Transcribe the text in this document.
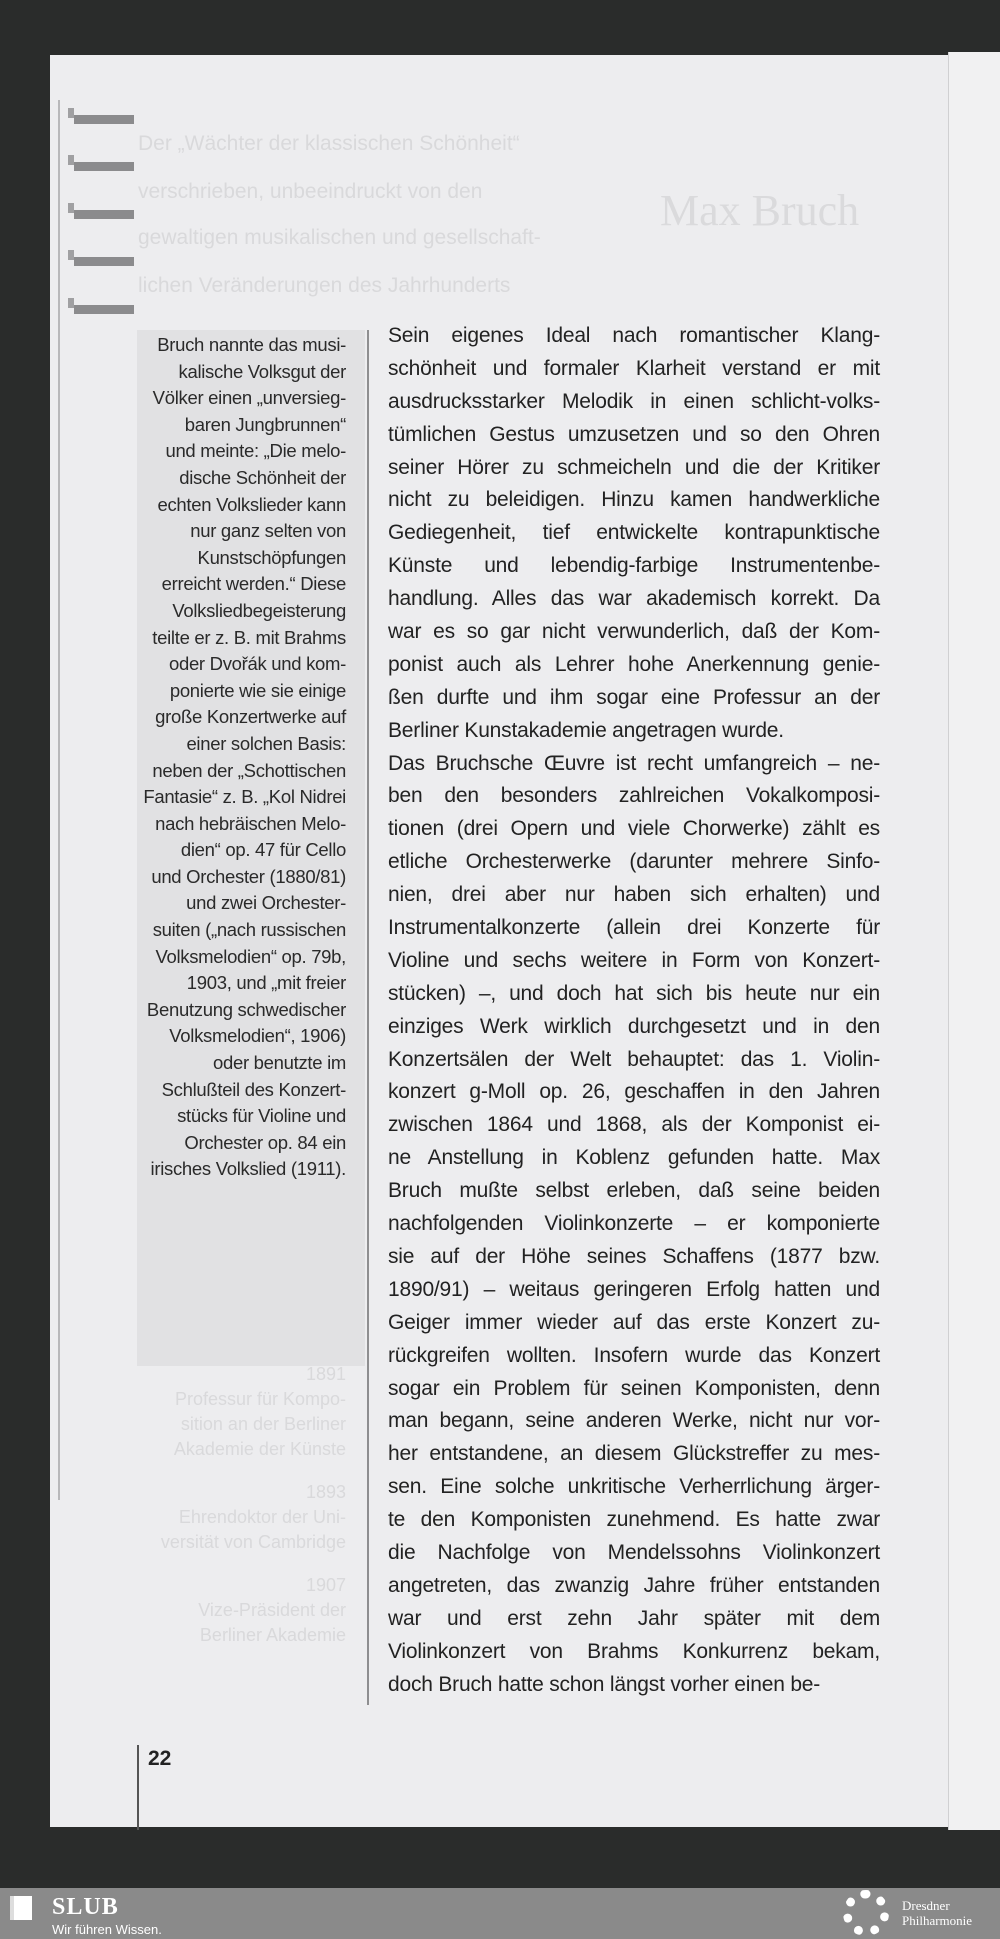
Der „Wächter der klassischen Schönheit“
verschrieben, unbeeindruckt von den
gewaltigen musikalischen und gesellschaft-
lichen Veränderungen des Jahrhunderts
Max Bruch
Bruch nannte das musi-
kalische Volksgut der
Völker einen „unversieg-
baren Jungbrunnen“
und meinte: „Die melo-
dische Schönheit der
echten Volkslieder kann
nur ganz selten von
Kunstschöpfungen
erreicht werden.“ Diese
Volksliedbegeisterung
teilte er z. B. mit Brahms
oder Dvořák und kom-
ponierte wie sie einige
große Konzertwerke auf
einer solchen Basis:
neben der „Schottischen
Fantasie“ z. B. „Kol Nidrei
nach hebräischen Melo-
dien“ op. 47 für Cello
und Orchester (1880/81)
und zwei Orchester-
suiten („nach russischen
Volksmelodien“ op. 79b,
1903, und „mit freier
Benutzung schwedischer
Volksmelodien“, 1906)
oder benutzte im
Schlußteil des Konzert-
stücks für Violine und
Orchester op. 84 ein
irisches Volkslied (1911).
1891
Professur für Kompo-
sition an der Berliner
Akademie der Künste
1893
Ehrendoktor der Uni-
versität von Cambridge
1907
Vize-Präsident der
Berliner Akademie
Sein eigenes Ideal nach romantischer Klang-
schönheit und formaler Klarheit verstand er mit
ausdrucksstarker Melodik in einen schlicht-volks-
tümlichen Gestus umzusetzen und so den Ohren
seiner Hörer zu schmeicheln und die der Kritiker
nicht zu beleidigen. Hinzu kamen handwerkliche
Gediegenheit, tief entwickelte kontrapunktische
Künste und lebendig-farbige Instrumentenbe-
handlung. Alles das war akademisch korrekt. Da
war es so gar nicht verwunderlich, daß der Kom-
ponist auch als Lehrer hohe Anerkennung genie-
ßen durfte und ihm sogar eine Professur an der
Berliner Kunstakademie angetragen wurde.
Das Bruchsche Œuvre ist recht umfangreich – ne-
ben den besonders zahlreichen Vokalkomposi-
tionen (drei Opern und viele Chorwerke) zählt es
etliche Orchesterwerke (darunter mehrere Sinfo-
nien, drei aber nur haben sich erhalten) und
Instrumentalkonzerte (allein drei Konzerte für
Violine und sechs weitere in Form von Konzert-
stücken) –, und doch hat sich bis heute nur ein
einziges Werk wirklich durchgesetzt und in den
Konzertsälen der Welt behauptet: das 1. Violin-
konzert g-Moll op. 26, geschaffen in den Jahren
zwischen 1864 und 1868, als der Komponist ei-
ne Anstellung in Koblenz gefunden hatte. Max
Bruch mußte selbst erleben, daß seine beiden
nachfolgenden Violinkonzerte – er komponierte
sie auf der Höhe seines Schaffens (1877 bzw.
1890/91) – weitaus geringeren Erfolg hatten und
Geiger immer wieder auf das erste Konzert zu-
rückgreifen wollten. Insofern wurde das Konzert
sogar ein Problem für seinen Komponisten, denn
man begann, seine anderen Werke, nicht nur vor-
her entstandene, an diesem Glückstreffer zu mes-
sen. Eine solche unkritische Verherrlichung ärger-
te den Komponisten zunehmend. Es hatte zwar
die Nachfolge von Mendelssohns Violinkonzert
angetreten, das zwanzig Jahre früher entstanden
war und erst zehn Jahr später mit dem
Violinkonzert von Brahms Konkurrenz bekam,
doch Bruch hatte schon längst vorher einen be-
22
SLUB
Wir führen Wissen.
Dresdner
Philharmonie
